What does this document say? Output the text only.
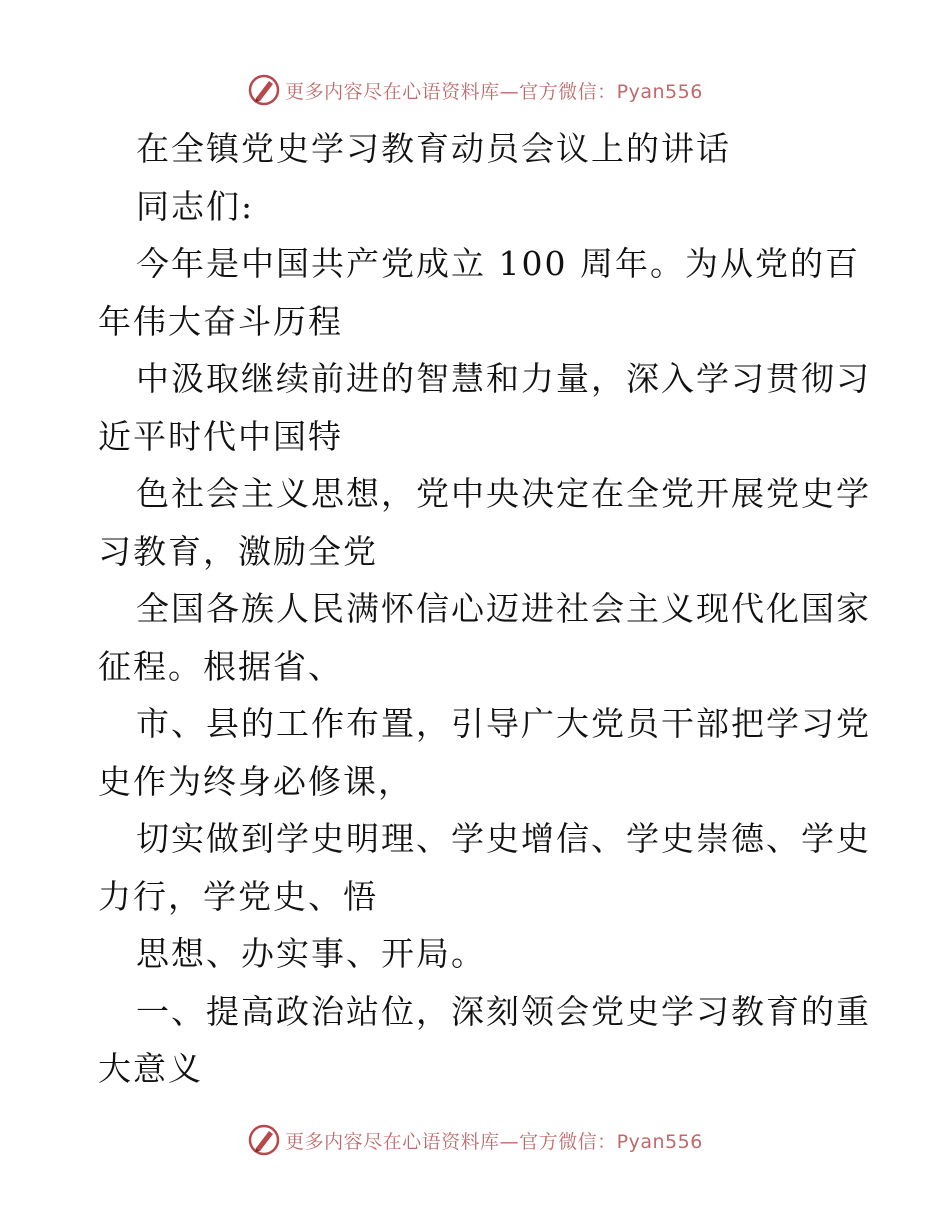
更多内容尽在心语资料库—官方微信：Pyan556
在全镇党史学习教育动员会议上的讲话
同志们:
今年是中国共产党成立 100 周年。为从党的百
年伟大奋斗历程
中汲取继续前进的智慧和力量，深入学习贯彻习
近平时代中国特
色社会主义思想，党中央决定在全党开展党史学
习教育，激励全党
全国各族人民满怀信心迈进社会主义现代化国家
征程。根据省、
市、县的工作布置，引导广大党员干部把学习党
史作为终身必修课，
切实做到学史明理、学史增信、学史崇德、学史
力行，学党史、悟
思想、办实事、开局。
一、提高政治站位，深刻领会党史学习教育的重
大意义
更多内容尽在心语资料库—官方微信：Pyan556
